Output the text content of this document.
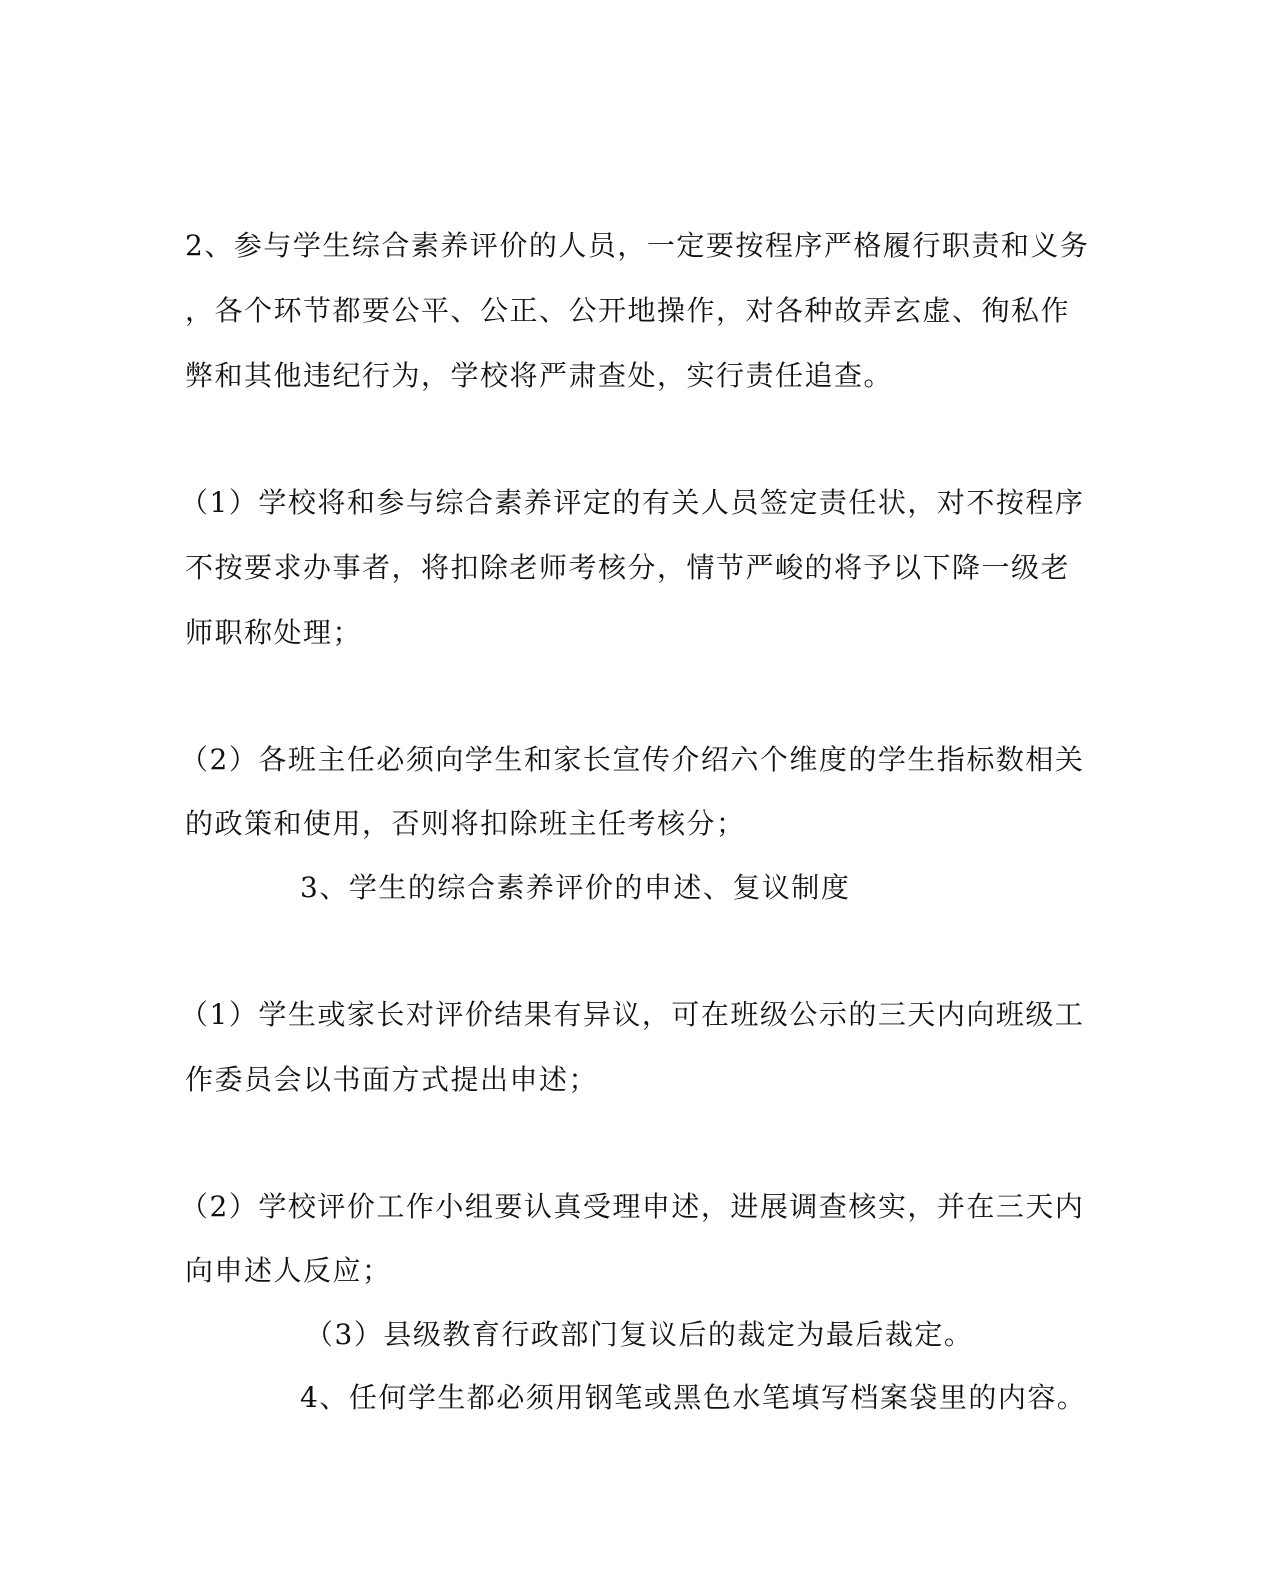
2、参与学生综合素养评价的人员，一定要按程序严格履行职责和义务
，各个环节都要公平、公正、公开地操作，对各种故弄玄虚、徇私作
弊和其他违纪行为，学校将严肃查处，实行责任追查。
（1）学校将和参与综合素养评定的有关人员签定责任状，对不按程序
不按要求办事者，将扣除老师考核分，情节严峻的将予以下降一级老
师职称处理；
（2）各班主任必须向学生和家长宣传介绍六个维度的学生指标数相关
的政策和使用，否则将扣除班主任考核分；
3、学生的综合素养评价的申述、复议制度
（1）学生或家长对评价结果有异议，可在班级公示的三天内向班级工
作委员会以书面方式提出申述；
（2）学校评价工作小组要认真受理申述，进展调查核实，并在三天内
向申述人反应；
（3）县级教育行政部门复议后的裁定为最后裁定。
4、任何学生都必须用钢笔或黑色水笔填写档案袋里的内容。
